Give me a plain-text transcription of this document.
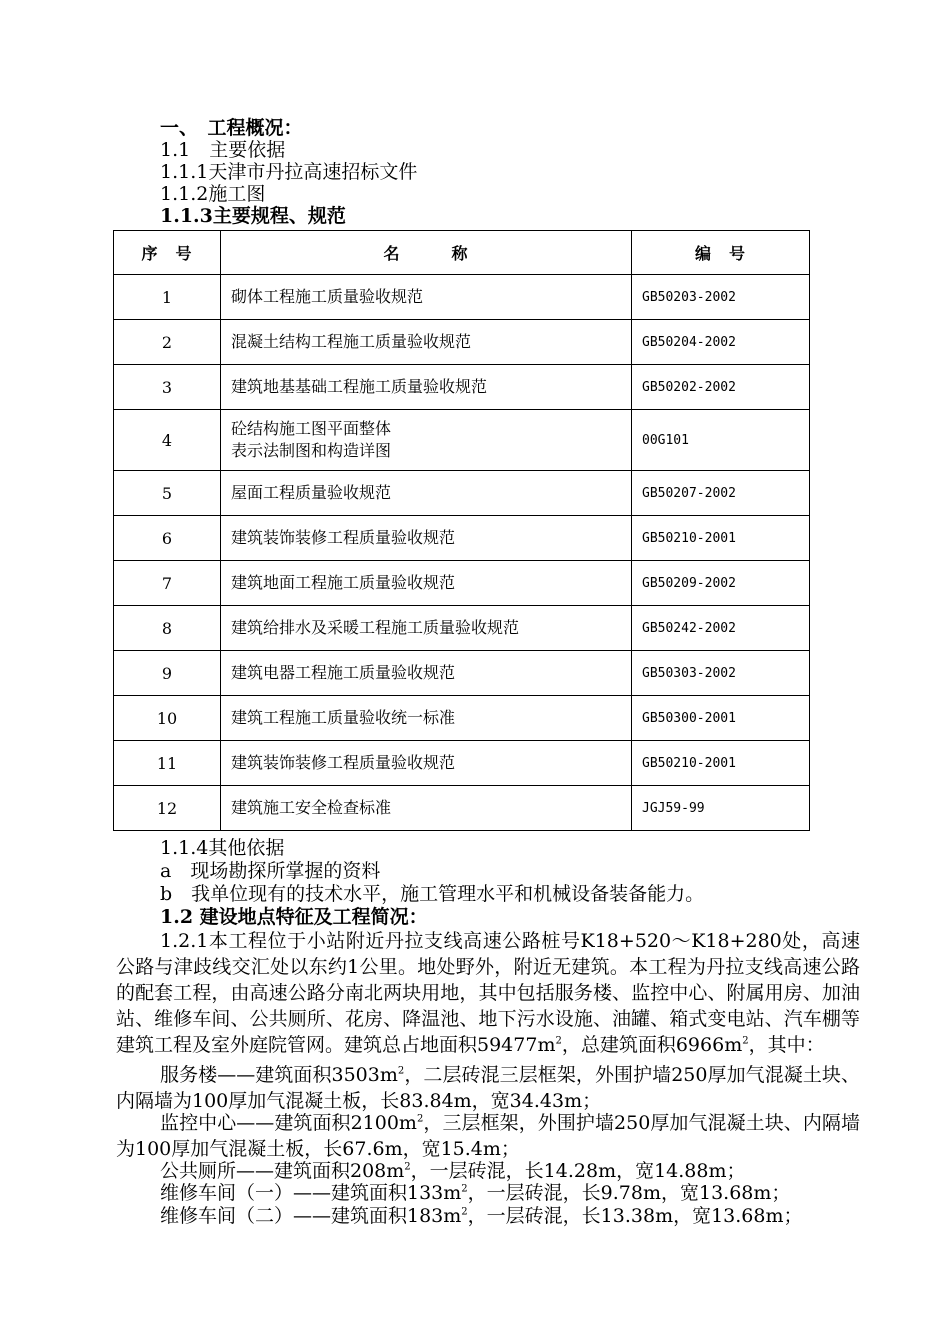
一、　工程概况：
1.1　主要依据
1.1.1天津市丹拉高速招标文件
1.1.2施工图
1.1.3主要规程、规范
序　号	名　　　称	编　号
1	砌体工程施工质量验收规范	GB50203-2002
2	混凝土结构工程施工质量验收规范	GB50204-2002
3	建筑地基基础工程施工质量验收规范	GB50202-2002
4	砼结构施工图平面整体
表示法制图和构造详图	00G101
5	屋面工程质量验收规范	GB50207-2002
6	建筑装饰装修工程质量验收规范	GB50210-2001
7	建筑地面工程施工质量验收规范	GB50209-2002
8	建筑给排水及采暖工程施工质量验收规范	GB50242-2002
9	建筑电器工程施工质量验收规范	GB50303-2002
10	建筑工程施工质量验收统一标准	GB50300-2001
11	建筑装饰装修工程质量验收规范	GB50210-2001
12	建筑施工安全检查标准	JGJ59-99
1.1.4其他依据
a　现场勘探所掌握的资料
b　我单位现有的技术水平，施工管理水平和机械设备装备能力。
1.2 建设地点特征及工程简况：
1.2.1本工程位于小站附近丹拉支线高速公路桩号K18+520～K18+280处，高速公路与津歧线交汇处以东约1公里。地处野外，附近无建筑。本工程为丹拉支线高速公路的配套工程，由高速公路分南北两块用地，其中包括服务楼、监控中心、附属用房、加油站、维修车间、公共厕所、花房、降温池、地下污水设施、油罐、箱式变电站、汽车棚等建筑工程及室外庭院管网。建筑总占地面积$59477m^2$，总建筑面积$6966m^2$，其中：
服务楼——建筑面积$3503m^2$，二层砖混三层框架，外围护墙250厚加气混凝土块、内隔墙为100厚加气混凝土板，长83.84m，宽34.43m；
监控中心——建筑面积$2100m^2$，三层框架，外围护墙250厚加气混凝土块、内隔墙为100厚加气混凝土板，长67.6m，宽15.4m；
公共厕所——建筑面积$208m^2$，一层砖混，长14.28m，宽14.88m；
维修车间（一）——建筑面积$133m^2$，一层砖混，长9.78m，宽13.68m；
维修车间（二）——建筑面积$183m^2$，一层砖混，长13.38m，宽13.68m；
